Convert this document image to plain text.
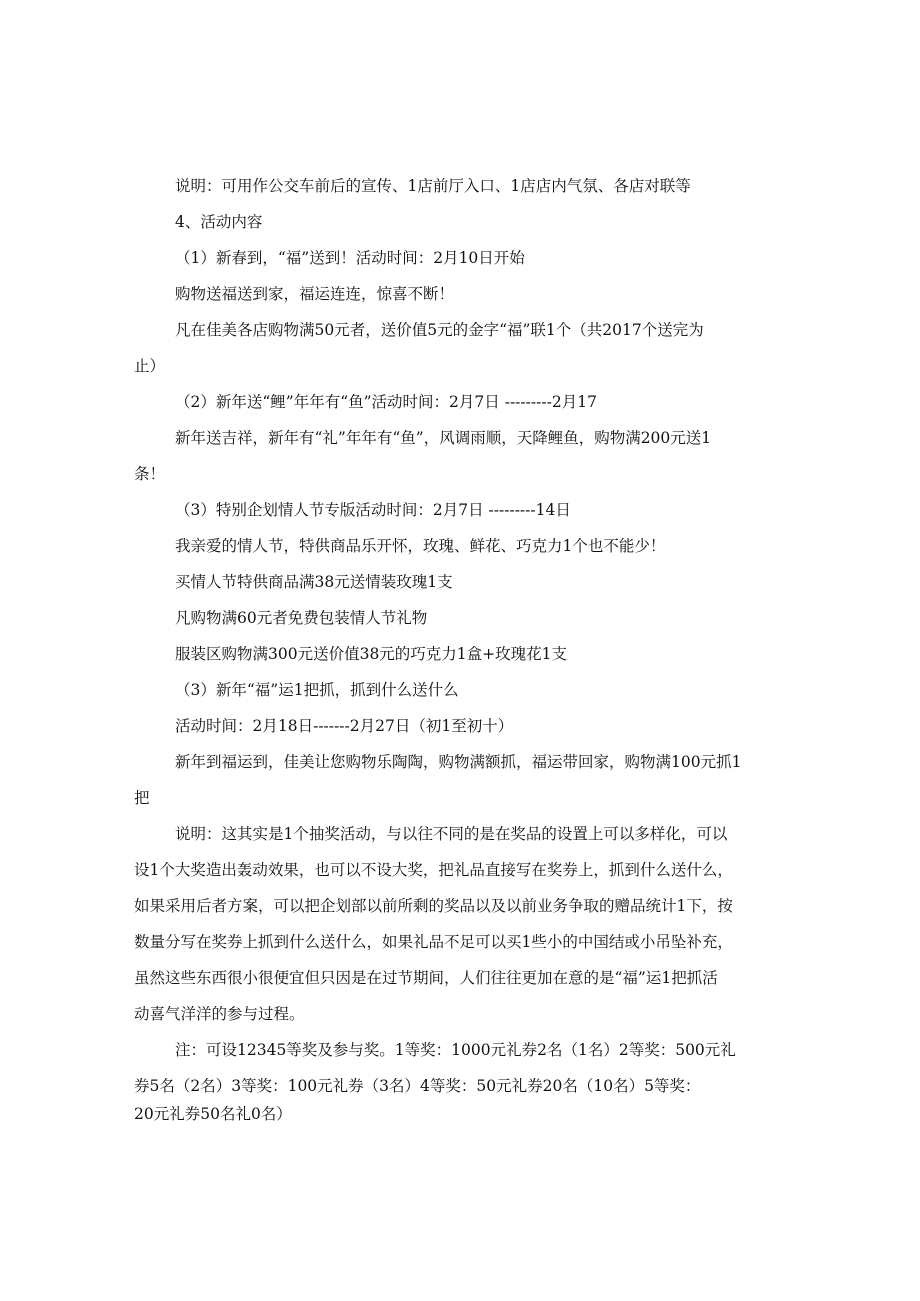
说明：可用作公交车前后的宣传、1店前厅入口、1店店内气氛、各店对联等

4、活动内容

（1）新春到，“福”送到！活动时间：2月10日开始

购物送福送到家，福运连连，惊喜不断！

凡在佳美各店购物满50元者，送价值5元的金字“福”联1个（共2017个送完为

止）

（2）新年送“鲤”年年有“鱼”活动时间：2月7日 ---------2月17

新年送吉祥，新年有“礼”年年有“鱼”，风调雨顺，天降鲤鱼，购物满200元送1

条！

（3）特别企划情人节专版活动时间：2月7日 ---------14日

我亲爱的情人节，特供商品乐开怀，玫瑰、鲜花、巧克力1个也不能少！

买情人节特供商品满38元送情装玫瑰1支

凡购物满60元者免费包装情人节礼物

服装区购物满300元送价值38元的巧克力1盒+玫瑰花1支

（3）新年“福”运1把抓，抓到什么送什么

活动时间：2月18日-------2月27日（初1至初十）

新年到福运到，佳美让您购物乐陶陶，购物满额抓，福运带回家，购物满100元抓1

把

说明：这其实是1个抽奖活动，与以往不同的是在奖品的设置上可以多样化，可以

设1个大奖造出轰动效果，也可以不设大奖，把礼品直接写在奖券上，抓到什么送什么，

如果采用后者方案，可以把企划部以前所剩的奖品以及以前业务争取的赠品统计1下，按

数量分写在奖券上抓到什么送什么，如果礼品不足可以买1些小的中国结或小吊坠补充，

虽然这些东西很小很便宜但只因是在过节期间，人们往往更加在意的是“福”运1把抓活

动喜气洋洋的参与过程。

注：可设12345等奖及参与奖。1等奖：1000元礼券2名（1名）2等奖：500元礼

券5名（2名）3等奖：100元礼券（3名）4等奖：50元礼券20名（10名）5等奖：

20元礼券50名礼0名）
